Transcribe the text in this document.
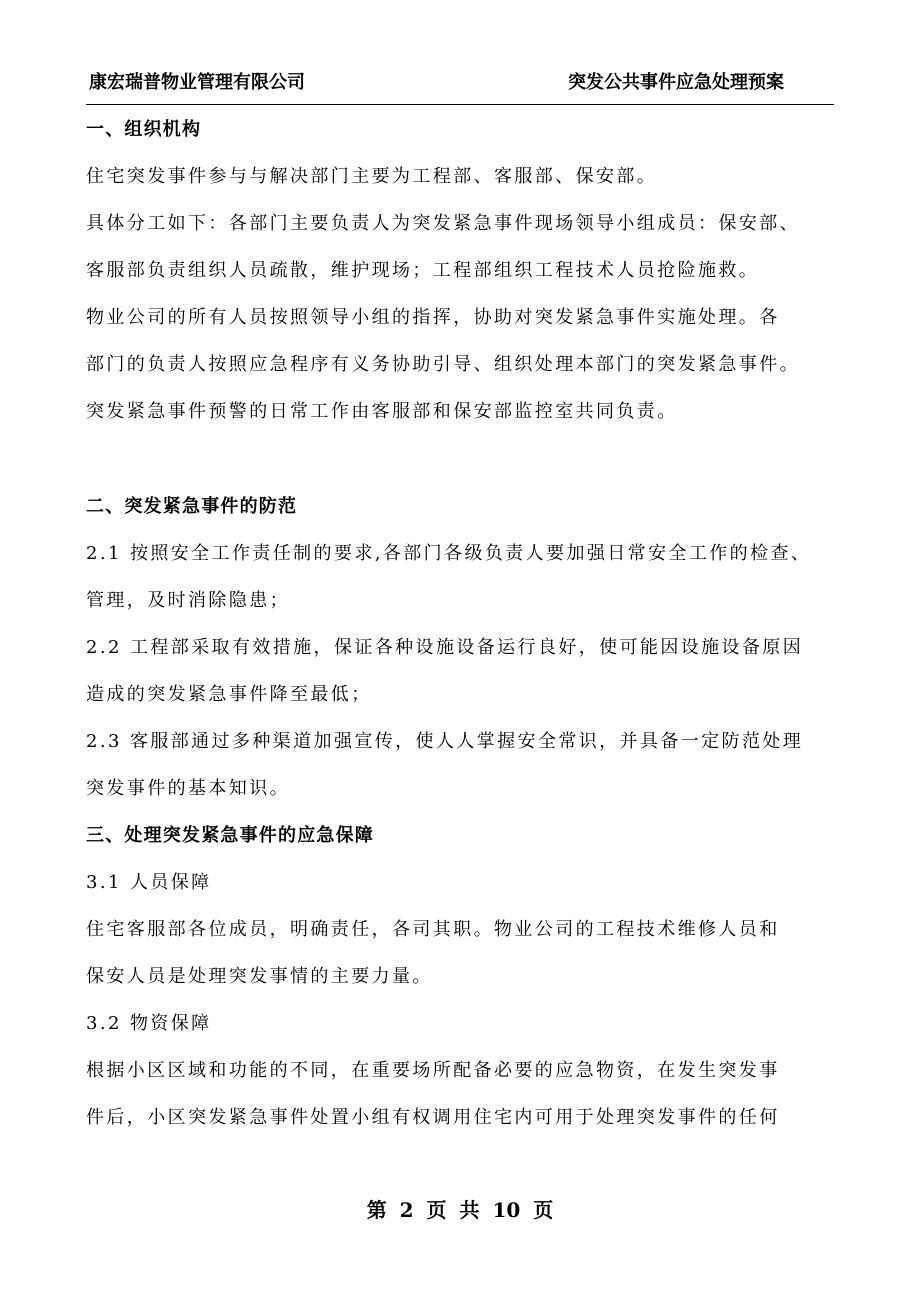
康宏瑞普物业管理有限公司	突发公共事件应急处理预案
一、组织机构
住宅突发事件参与与解决部门主要为工程部、客服部、保安部。
具体分工如下：各部门主要负责人为突发紧急事件现场领导小组成员：保安部、
客服部负责组织人员疏散，维护现场；工程部组织工程技术人员抢险施救。
物业公司的所有人员按照领导小组的指挥，协助对突发紧急事件实施处理。各
部门的负责人按照应急程序有义务协助引导、组织处理本部门的突发紧急事件。
突发紧急事件预警的日常工作由客服部和保安部监控室共同负责。
二、突发紧急事件的防范
2.1 按照安全工作责任制的要求,各部门各级负责人要加强日常安全工作的检查、
管理，及时消除隐患；
2.2 工程部采取有效措施，保证各种设施设备运行良好，使可能因设施设备原因
造成的突发紧急事件降至最低；
2.3 客服部通过多种渠道加强宣传，使人人掌握安全常识，并具备一定防范处理
突发事件的基本知识。
三、处理突发紧急事件的应急保障
3.1 人员保障
住宅客服部各位成员，明确责任，各司其职。物业公司的工程技术维修人员和
保安人员是处理突发事情的主要力量。
3.2 物资保障
根据小区区域和功能的不同，在重要场所配备必要的应急物资，在发生突发事
件后，小区突发紧急事件处置小组有权调用住宅内可用于处理突发事件的任何
第 2 页 共 10 页
